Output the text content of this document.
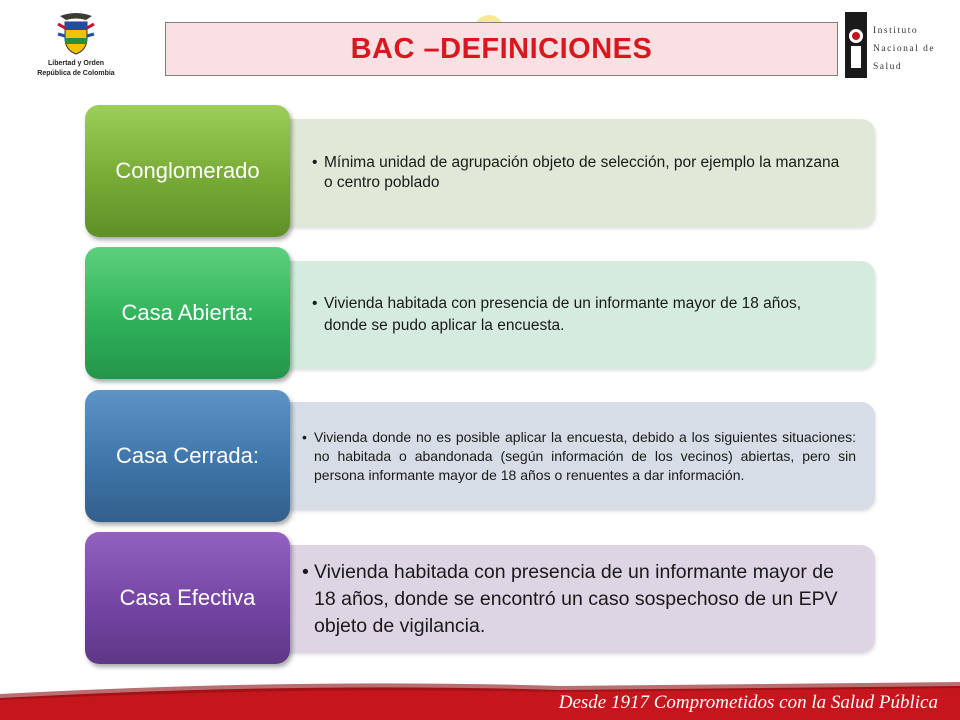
Libertad y Orden
República de Colombia
BAC –DEFINICIONES
Instituto
Nacional de
Salud
• Mínima unidad de agrupación objeto de selección, por ejemplo la manzana o centro poblado
Conglomerado
• Vivienda habitada con presencia de un informante mayor de 18 años, donde se pudo aplicar la encuesta.
Casa Abierta:
• Vivienda donde no es posible aplicar la encuesta, debido a los siguientes situaciones: no habitada o abandonada (según información de los vecinos) abiertas, pero sin persona informante mayor de 18 años o renuentes a dar información.
Casa Cerrada:
• Vivienda habitada con presencia de un informante mayor de 18 años, donde se encontró un caso sospechoso de un EPV objeto de vigilancia.
Casa Efectiva
Desde 1917 Comprometidos con la Salud Pública
